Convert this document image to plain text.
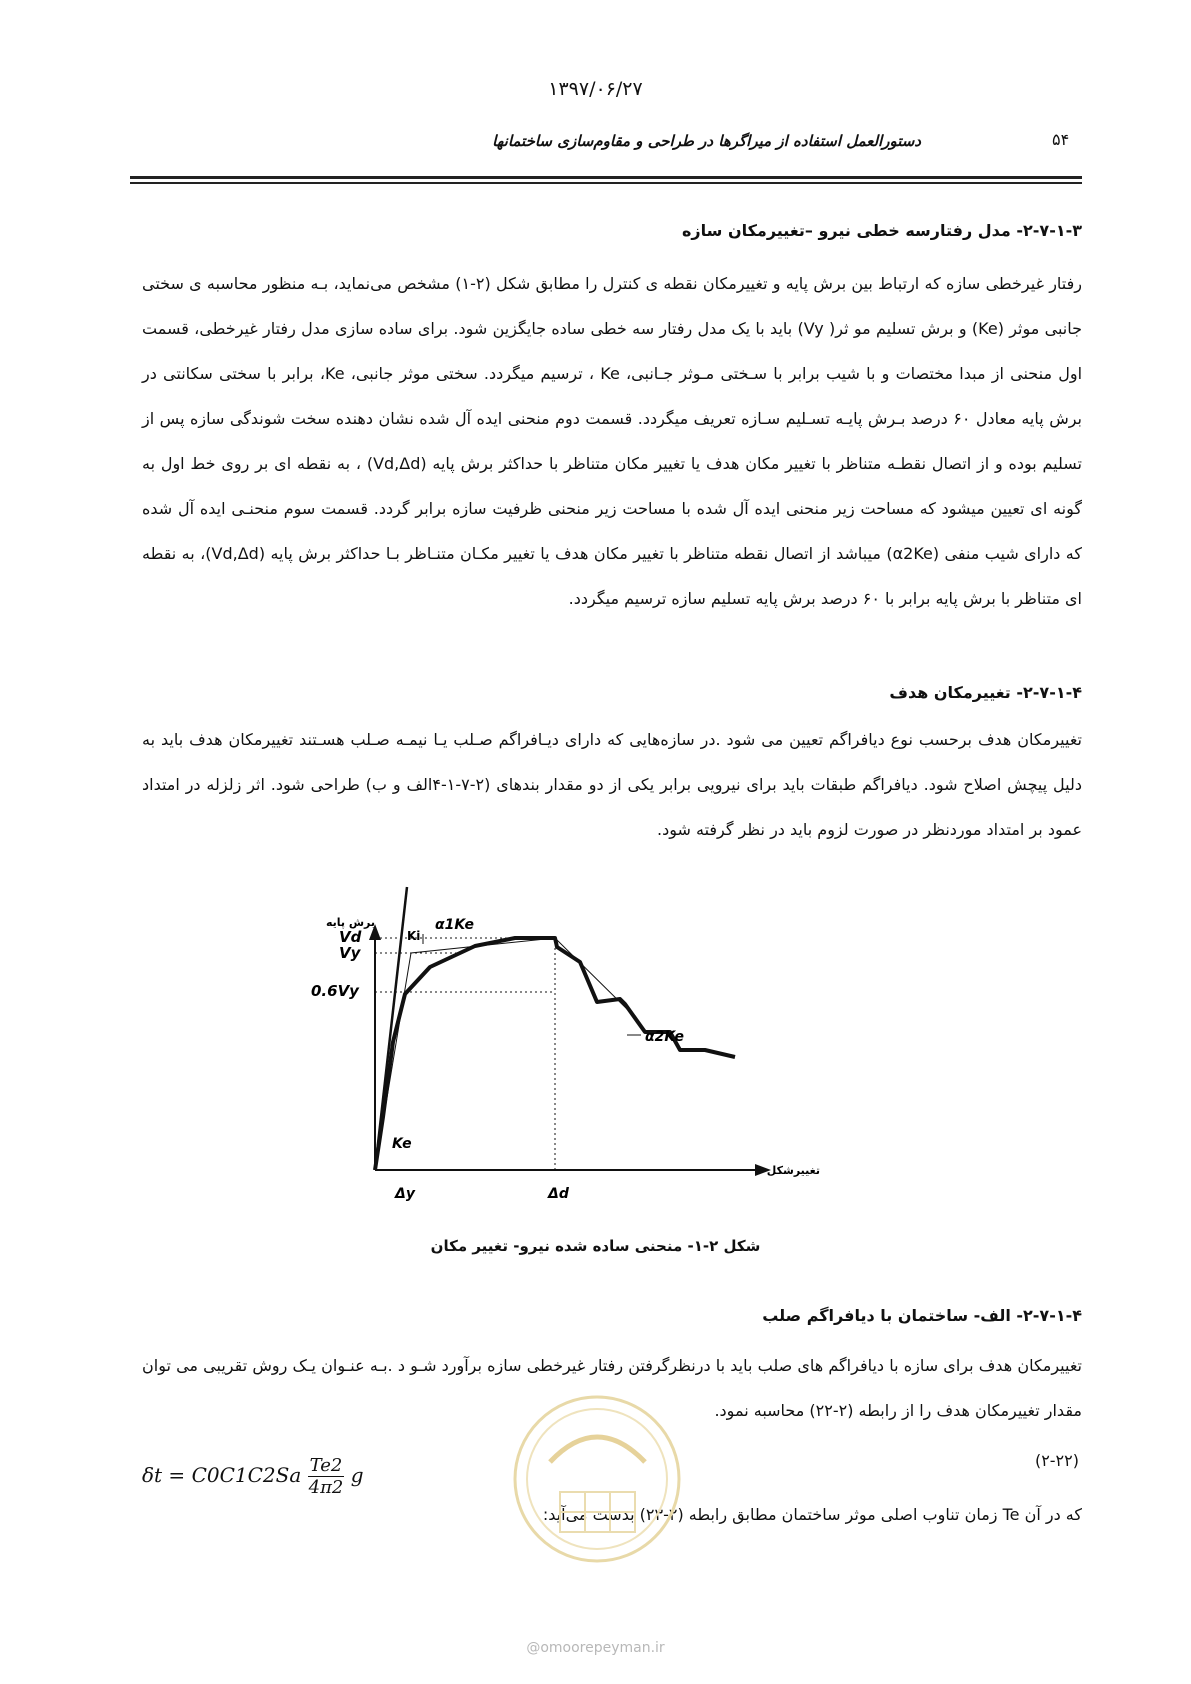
۱۳۹۷/۰۶/۲۷
دستورالعمل استفاده از میراگرها در طراحی و مقاوم‌سازی ساختمانها	۵۴
۲-۷-۱-۳- مدل رفتارسه خطی نیرو –تغییرمکان سازه

رفتار غیرخطی سازه که ارتباط بین برش پایه و تغییرمکان نقطه ی کنترل را مطابق شکل (۲-۱) مشخص می‌نماید، بـه منظور محاسبه ی سختی جانبی موثر (Ke) و برش تسلیم مو ثر( Vy) باید با یک مدل رفتار سه خطی ساده جایگزین شود. برای ساده سازی مدل رفتار غیرخطی، قسمت اول منحنی از مبدا مختصات و با شیب برابر با سـختی مـوثر جـانبی، Ke ، ترسیم میگردد. سختی موثر جانبی، Ke، برابر با سختی سکانتی در برش پایه معادل ۶۰ درصد بـرش پایـه تسـلیم سـازه تعریف میگردد. قسمت دوم منحنی ایده آل شده نشان دهنده سخت شوندگی سازه پس از تسلیم بوده و از اتصال نقطـه متناظر با تغییر مکان هدف یا تغییر مکان متناظر با حداکثر برش پایه (Vd,Δd) ، به نقطه ای بر روی خط اول به گونه ای تعیین میشود که مساحت زیر منحنی ایده آل شده با مساحت زیر منحنی ظرفیت سازه برابر گردد. قسمت سوم منحنـی ایده آل شده که دارای شیب منفی (α2Ke) میباشد از اتصال نقطه متناظر با تغییر مکان هدف یا تغییر مکـان متنـاظر بـا حداکثر برش پایه (Vd,Δd)، به نقطه ای متناظر با برش پایه برابر با ۶۰ درصد برش پایه تسلیم سازه ترسیم میگردد.

۲-۷-۱-۴- تغییرمکان هدف

تغییرمکان هدف برحسب نوع دیافراگم تعیین می شود .در سازه‌هایی که دارای دیـافراگم صـلب یـا نیمـه صـلب هسـتند تغییرمکان هدف باید به دلیل پیچش اصلاح شود. دیافراگم طبقات باید برای نیرویی برابر یکی از دو مقدار بندهای (۲-۷-۱-۴الف و ب) طراحی شود. اثر زلزله در امتداد عمود بر امتداد موردنظر در صورت لزوم باید در نظر گرفته شود.

برش پایه
Vd
Vy
0.6Vy
Ki
α1Ke
α2Ke
Ke
Δy	Δd
تغییرشکل
شکل ۲-۱- منحنی ساده شده نیرو- تغییر مکان
۲-۷-۱-۴- الف- ساختمان با دیافراگم صلب

تغییرمکان هدف برای سازه با دیافراگم های صلب باید با درنظرگرفتن رفتار غیرخطی سازه برآورد شـو د .بـه عنـوان یـک روش تقریبی می توان مقدار تغییرمکان هدف را از رابطه (۲-۲۲) محاسبه نمود.

$\delta t = C0C1C2Sa \frac{Te2}{4\pi 2}$ g
(۲-۲۲)
که در آن Te زمان تناوب اصلی موثر ساختمان مطابق رابطه (۲-۲۳) بدست می‌آید:
@omoorepeyman.ir
